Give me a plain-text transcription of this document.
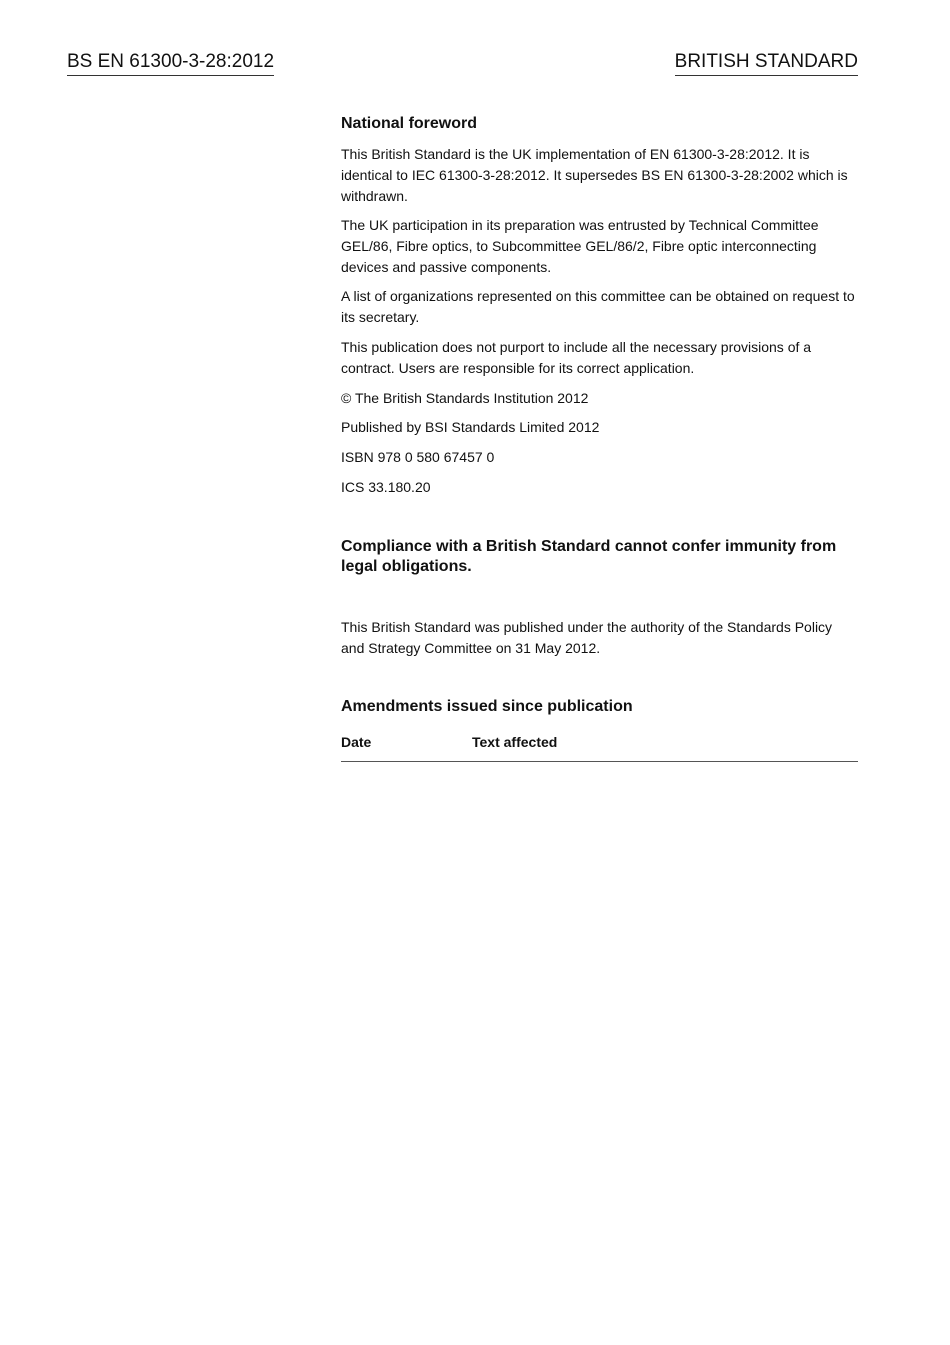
BS EN 61300-3-28:2012	BRITISH STANDARD

National foreword

This British Standard is the UK implementation of EN 61300-3-28:2012. It is identical to IEC 61300-3-28:2012. It supersedes BS EN 61300-3-28:2002 which is withdrawn.

The UK participation in its preparation was entrusted by Technical Committee GEL/86, Fibre optics, to Subcommittee GEL/86/2, Fibre optic interconnecting devices and passive components.

A list of organizations represented on this committee can be obtained on request to its secretary.

This publication does not purport to include all the necessary provisions of a contract. Users are responsible for its correct application.

© The British Standards Institution 2012

Published by BSI Standards Limited 2012

ISBN 978 0 580 67457 0

ICS 33.180.20

Compliance with a British Standard cannot confer immunity from legal obligations.

This British Standard was published under the authority of the Standards Policy and Strategy Committee on 31 May 2012.

Amendments issued since publication

Date	Text affected
